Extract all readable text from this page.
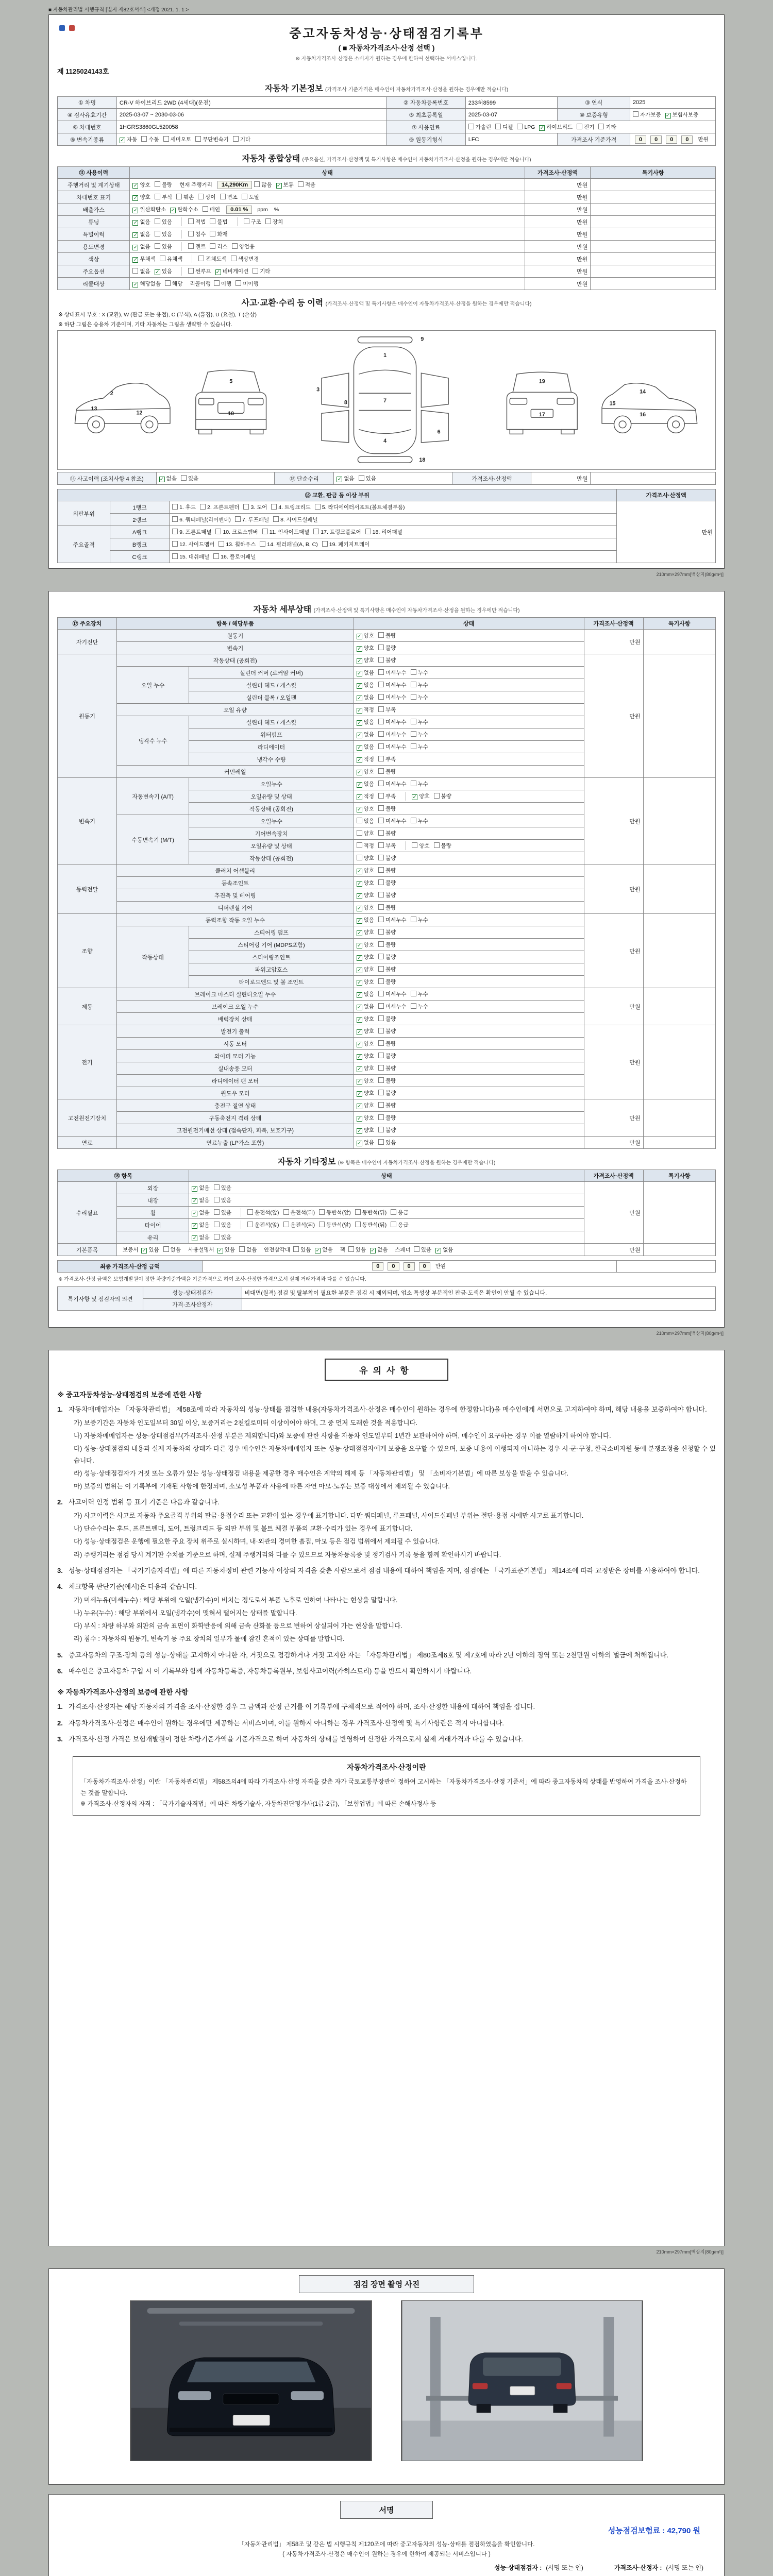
■ 자동차관리법 시행규칙 [별지 제82호서식] <개정 2021. 1. 1.>

중고자동차성능·상태점검기록부
( ■ 자동차가격조사·산정 선택 )
※ 자동차가격조사·산정은 소비자가 원하는 경우에 한하여 선택하는 서비스입니다.
제 1125024143호
자동차 기본정보 (가격조사 기준가격은 매수인이 자동차가격조사·산정을 원하는 경우에만 적습니다)
① 차명	CR-V 하이브리드 2WD (4세대)(운전)	② 자동차등록번호	233허8599	③ 연식	2025
④ 검사유효기간	2025-03-07 ~ 2030-03-06	⑤ 최초등록일	2025-03-07	⑩ 보증유형	자가보증 ✓ 보험사보증
⑥ 차대번호	1HGRS3860GL520058	⑦ 사용연료	가솔린 디젤 LPG ✓ 하이브리드 전기 기타		
⑧ 변속기종류	✓ 자동 수동 세미오토 무단변속기 기타	⑨ 원동기형식	LFC	가격조사 기준가격	0 0 0 0 만원
자동차 종합상태 (주요옵션, 가격조사·산정액 및 특기사항은 매수인이 자동차가격조사·산정을 원하는 경우에만 적습니다)
⑪ 사용이력	상태	가격조사·산정액	특기사항
주행거리 및 계기상태	✓ 양호 불량 현재 주행거리 14,290Km 많음 ✓ 보통 적음	만원	
차대번호 표기	✓ 양호 부식 훼손 상이 변조 도말	만원	
배출가스	✓ 일산화탄소 ✓ 탄화수소 매연 0.01 % ppm %	만원	
튜닝	✓ 없음 있음 적법 불법 구조 장치	만원	
특별이력	✓ 없음 있음 침수 화재	만원	
용도변경	✓ 없음 있음 렌트 리스 영업용	만원	
색상	✓ 무채색 유채색 전체도색 색상변경	만원	
주요옵션	없음 ✓ 있음 썬루프 ✓ 네비게이션 기타	만원	
리콜대상	✓ 해당없음 해당 리콜이행 이행 미이행	만원	
사고·교환·수리 등 이력 (가격조사·산정액 및 특기사항은 매수인이 자동차가격조사·산정을 원하는 경우에만 적습니다)
※ 상태표시 부호 : X (교환), W (판금 또는 용접), C (부식), A (흠집), U (요철), T (손상)
※ 하단 그림은 승용차 기준이며, 기타 자동차는 그림을 생략할 수 있습니다.
1
7
4
9
18
3
6
8
2
13
12
5
10	17
19
14
16
15
⑭ 사고이력 (조치사항 4 참조)	✓ 없음 있음	⑮ 단순수리	✓ 없음 있음	가격조사·산정액	만원	
⑯ 교환, 판금 등 이상 부위			가격조사·산정액
외판부위	1랭크	1. 후드 2. 프론트펜더 3. 도어 4. 트렁크리드 5. 라디에이터서포트(볼트체결부품)	만원
	2랭크	6. 쿼터패널(리어펜더) 7. 루프패널 8. 사이드실패널	
주요골격	A랭크	9. 프론트패널 10. 크로스멤버 11. 인사이드패널 17. 트렁크플로어 18. 리어패널	
	B랭크	12. 사이드멤버 13. 휠하우스 14. 필러패널(A, B, C) 19. 패키지트레이	
	C랭크	15. 대쉬패널 16. 플로어패널	
210mm×297mm[백상지(80g/m²)]
자동차 세부상태 (가격조사·산정액 및 특기사항은 매수인이 자동차가격조사·산정을 원하는 경우에만 적습니다)
⑰ 주요장치	항목 / 해당부품		상태	가격조사·산정액	특기사항
자기진단	원동기		✓ 양호 불량	만원	
	변속기		✓ 양호 불량		
원동기	작동상태 (공회전)		✓ 양호 불량	만원	
	오일 누수	실린더 커버 (로커암 커버)	✓ 없음 미세누수 누수		
		실린더 헤드 / 개스킷	✓ 없음 미세누수 누수		
		실린더 블록 / 오일팬	✓ 없음 미세누수 누수		
	오일 유량		✓ 적정 부족		
	냉각수 누수	실린더 헤드 / 개스킷	✓ 없음 미세누수 누수		
		워터펌프	✓ 없음 미세누수 누수		
		라디에이터	✓ 없음 미세누수 누수		
		냉각수 수량	✓ 적정 부족		
	커먼레일		✓ 양호 불량		
변속기	자동변속기 (A/T)	오일누수	✓ 없음 미세누수 누수	만원	
		오일유량 및 상태	✓ 적정 부족 ✓ 양호 불량		
		작동상태 (공회전)	✓ 양호 불량		
	수동변속기 (M/T)	오일누수	없음 미세누수 누수		
		기어변속장치	양호 불량		
		오일유량 및 상태	적정 부족 양호 불량		
		작동상태 (공회전)	양호 불량		
동력전달	클러치 어셈블리		✓ 양호 불량	만원	
	등속조인트		✓ 양호 불량		
	추진축 및 베어링		✓ 양호 불량		
	디퍼렌셜 기어		✓ 양호 불량		
조향	동력조향 작동 오일 누수		✓ 없음 미세누수 누수	만원	
	작동상태	스티어링 펌프	✓ 양호 불량		
		스티어링 기어 (MDPS포함)	✓ 양호 불량		
		스티어링조인트	✓ 양호 불량		
		파워고압호스	✓ 양호 불량		
		타이로드엔드 및 볼 조인트	✓ 양호 불량		
제동	브레이크 마스터 실린더오일 누수		✓ 없음 미세누수 누수	만원	
	브레이크 오일 누수		✓ 없음 미세누수 누수		
	배력장치 상태		✓ 양호 불량		
전기	발전기 출력		✓ 양호 불량	만원	
	시동 모터		✓ 양호 불량		
	와이퍼 모터 기능		✓ 양호 불량		
	실내송풍 모터		✓ 양호 불량		
	라디에이터 팬 모터		✓ 양호 불량		
	윈도우 모터		✓ 양호 불량		
고전원전기장치	충전구 절연 상태		✓ 양호 불량	만원	
	구동축전지 격리 상태		✓ 양호 불량		
	고전원전기배선 상태 (접속단자, 피복, 보호기구)		✓ 양호 불량		
연료	연료누출 (LP가스 포함)		✓ 없음 있음	만원	
자동차 기타정보 (※ 항목은 매수인이 자동차가격조사·산정을 원하는 경우에만 적습니다)
⑱ 항목		상태	가격조사·산정액	특기사항
수리필요	외장	✓ 없음 있음	만원	
	내장	✓ 없음 있음		
	휠	✓ 없음 있음 운전석(앞) 운전석(뒤) 동반석(앞) 동반석(뒤) 응급		
	타이어	✓ 없음 있음 운전석(앞) 운전석(뒤) 동반석(앞) 동반석(뒤) 응급		
	유리	✓ 없음 있음		
기본품목	보증서 ✓ 있음 없음 사용설명서 ✓ 있음 없음 안전삼각대 있음 ✓ 없음 잭 있음 ✓ 없음 스패너 있음 ✓ 없음		만원	
최종 가격조사·산정 금액	0 0 0 0 만원	
※ 가격조사·산정 금액은 보험개발원이 정한 차량기준가액을 기준가격으로 하여 조사·산정한 가격으로서 실제 거래가격과 다를 수 있습니다.
특기사항 및 점검자의 의견	성능·상태점검자	비대면(원격) 점검 및 탈부착이 필요한 부품은 점검 시 제외되며, 업소 특성상 부분적인 판금·도색은 확인이 안될 수 있습니다.
	가격·조사산정자	
210mm×297mm[백상지(80g/m²)]
유의사항
※ 중고자동차성능·상태점검의 보증에 관한 사항
1. 자동차매매업자는 「자동차관리법」 제58조에 따라 자동차의 성능·상태를 점검한 내용(자동차가격조사·산정은 매수인이 원하는 경우에 한정합니다)을 매수인에게 서면으로 고지하여야 하며, 해당 내용을 보증하여야 합니다.
가) 보증기간은 자동차 인도일부터 30일 이상, 보증거리는 2천킬로미터 이상이어야 하며, 그 중 먼저 도래한 것을 적용합니다.
나) 자동차매매업자는 성능·상태점검부(가격조사·산정 부분은 제외합니다)와 보증에 관한 사항을 자동차 인도일부터 1년간 보관하여야 하며, 매수인이 요구하는 경우 이를 열람하게 하여야 합니다.
다) 성능·상태점검의 내용과 실제 자동차의 상태가 다른 경우 매수인은 자동차매매업자 또는 성능·상태점검자에게 보증을 요구할 수 있으며, 보증 내용이 이행되지 아니하는 경우 시·군·구청, 한국소비자원 등에 분쟁조정을 신청할 수 있습니다.
라) 성능·상태점검자가 거짓 또는 오류가 있는 성능·상태점검 내용을 제공한 경우 매수인은 계약의 해제 등 「자동차관리법」 및 「소비자기본법」에 따른 보상을 받을 수 있습니다.
마) 보증의 범위는 이 기록부에 기재된 사항에 한정되며, 소모성 부품과 사용에 따른 자연 마모·노후는 보증 대상에서 제외될 수 있습니다.
2. 사고이력 인정 범위 등 표기 기준은 다음과 같습니다.
가) 사고이력은 사고로 자동차 주요골격 부위의 판금·용접수리 또는 교환이 있는 경우에 표기합니다. 다만 쿼터패널, 루프패널, 사이드실패널 부위는 절단·용접 시에만 사고로 표기합니다.
나) 단순수리는 후드, 프론트펜더, 도어, 트렁크리드 등 외판 부위 및 볼트 체결 부품의 교환·수리가 있는 경우에 표기합니다.
다) 성능·상태점검은 운행에 필요한 주요 장치 위주로 실시하며, 내·외관의 경미한 흠집, 마모 등은 점검 범위에서 제외될 수 있습니다.
라) 주행거리는 점검 당시 계기판 수치를 기준으로 하며, 실제 주행거리와 다를 수 있으므로 자동차등록증 및 정기검사 기록 등을 함께 확인하시기 바랍니다.
3. 성능·상태점검자는 「국가기술자격법」에 따른 자동차정비 관련 기능사 이상의 자격을 갖춘 사람으로서 점검 내용에 대하여 책임을 지며, 점검에는 「국가표준기본법」 제14조에 따라 교정받은 장비를 사용하여야 합니다.
4. 체크항목 판단기준(예시)은 다음과 같습니다.
가) 미세누유(미세누수) : 해당 부위에 오일(냉각수)이 비치는 정도로서 부품 노후로 인하여 나타나는 현상을 말합니다.
나) 누유(누수) : 해당 부위에서 오일(냉각수)이 맺혀서 떨어지는 상태를 말합니다.
다) 부식 : 차량 하부와 외판의 금속 표면이 화학반응에 의해 금속 산화물 등으로 변하여 상실되어 가는 현상을 말합니다.
라) 침수 : 자동차의 원동기, 변속기 등 주요 장치의 일부가 물에 잠긴 흔적이 있는 상태를 말합니다.
5. 중고자동차의 구조·장치 등의 성능·상태를 고지하지 아니한 자, 거짓으로 점검하거나 거짓 고지한 자는 「자동차관리법」 제80조제6호 및 제7호에 따라 2년 이하의 징역 또는 2천만원 이하의 벌금에 처해집니다.
6. 매수인은 중고자동차 구입 시 이 기록부와 함께 자동차등록증, 자동차등록원부, 보험사고이력(카히스토리) 등을 반드시 확인하시기 바랍니다.
※ 자동차가격조사·산정의 보증에 관한 사항
1. 가격조사·산정자는 해당 자동차의 가격을 조사·산정한 경우 그 금액과 산정 근거를 이 기록부에 구체적으로 적어야 하며, 조사·산정한 내용에 대하여 책임을 집니다.
2. 자동차가격조사·산정은 매수인이 원하는 경우에만 제공하는 서비스이며, 이를 원하지 아니하는 경우 가격조사·산정액 및 특기사항란은 적지 아니합니다.
3. 가격조사·산정 가격은 보험개발원이 정한 차량기준가액을 기준가격으로 하여 자동차의 상태를 반영하여 산정한 가격으로서 실제 거래가격과 다를 수 있습니다.
자동차가격조사·산정이란
「자동차가격조사·산정」이란 「자동차관리법」 제58조의4에 따라 가격조사·산정 자격을 갖춘 자가 국토교통부장관이 정하여 고시하는 「자동차가격조사·산정 기준서」에 따라 중고자동차의 상태를 반영하여 가격을 조사·산정하는 것을 말합니다.
※ 가격조사·산정자의 자격 : 「국가기술자격법」에 따른 차량기술사, 자동차진단평가사(1급·2급), 「보험업법」에 따른 손해사정사 등
210mm×297mm[백상지(80g/m²)]
점검 장면 촬영 사진
서명
성능점검보험료 : 42,790 원
「자동차관리법」 제58조 및 같은 법 시행규칙 제120조에 따라 중고자동차의 성능·상태를 점검하였음을 확인합니다.
( 자동차가격조사·산정은 매수인이 원하는 경우에 한하여 제공되는 서비스입니다 )
성능·상태점검자 : (서명 또는 인)	가격조사·산정자 : (서명 또는 인)
